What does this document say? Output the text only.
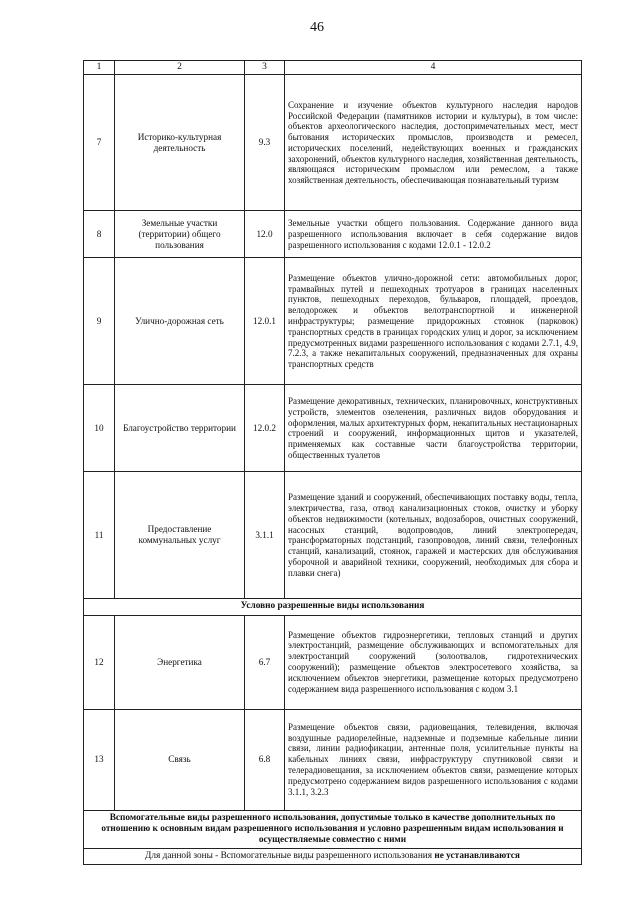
46
1	2	3	4
7	Историко-культурная деятельность	9.3	Сохранение и изучение объектов культурного наследия народов Российской Федерации (памятников истории и культуры), в том числе: объектов археологического наследия, достопримечательных мест, мест бытования исторических промыслов, производств и ремесел, исторических поселений, недействующих военных и гражданских захоронений, объектов культурного наследия, хозяйственная деятельность, являющаяся историческим промыслом или ремеслом, а также хозяйственная деятельность, обеспечивающая познавательный туризм
8	Земельные участки (территории) общего пользования	12.0	Земельные участки общего пользования. Содержание данного вида разрешенного использования включает в себя содержание видов разрешенного использования с кодами 12.0.1 - 12.0.2
9	Улично-дорожная сеть	12.0.1	Размещение объектов улично-дорожной сети: автомобильных дорог, трамвайных путей и пешеходных тротуаров в границах населенных пунктов, пешеходных переходов, бульваров, площадей, проездов, велодорожек и объектов велотранспортной и инженерной инфраструктуры; размещение придорожных стоянок (парковок) транспортных средств в границах городских улиц и дорог, за исключением предусмотренных видами разрешенного использования с кодами 2.7.1, 4.9, 7.2.3, а также некапитальных сооружений, предназначенных для охраны транспортных средств
10	Благоустройство территории	12.0.2	Размещение декоративных, технических, планировочных, конструктивных устройств, элементов озеленения, различных видов оборудования и оформления, малых архитектурных форм, некапитальных нестационарных строений и сооружений, информационных щитов и указателей, применяемых как составные части благоустройства территории, общественных туалетов
11	Предоставление коммунальных услуг	3.1.1	Размещение зданий и сооружений, обеспечивающих поставку воды, тепла, электричества, газа, отвод канализационных стоков, очистку и уборку объектов недвижимости (котельных, водозаборов, очистных сооружений, насосных станций, водопроводов, линий электропередач, трансформаторных подстанций, газопроводов, линий связи, телефонных станций, канализаций, стоянок, гаражей и мастерских для обслуживания уборочной и аварийной техники, сооружений, необходимых для сбора и плавки снега)
Условно разрешенные виды использования			
12	Энергетика	6.7	Размещение объектов гидроэнергетики, тепловых станций и других электростанций, размещение обслуживающих и вспомогательных для электростанций сооружений (золоотвалов, гидротехнических сооружений); размещение объектов электросетевого хозяйства, за исключением объектов энергетики, размещение которых предусмотрено содержанием вида разрешенного использования с кодом 3.1
13	Связь	6.8	Размещение объектов связи, радиовещания, телевидения, включая воздушные радиорелейные, надземные и подземные кабельные линии связи, линии радиофикации, антенные поля, усилительные пункты на кабельных линиях связи, инфраструктуру спутниковой связи и телерадиовещания, за исключением объектов связи, размещение которых предусмотрено содержанием видов разрешенного использования с кодами 3.1.1, 3.2.3
Вспомогательные виды разрешенного использования, допустимые только в качестве дополнительных по отношению к основным видам разрешенного использования и условно разрешенным видам использования и осуществляемые совместно с ними			
Для данной зоны - Вспомогательные виды разрешенного использования не устанавливаются			
